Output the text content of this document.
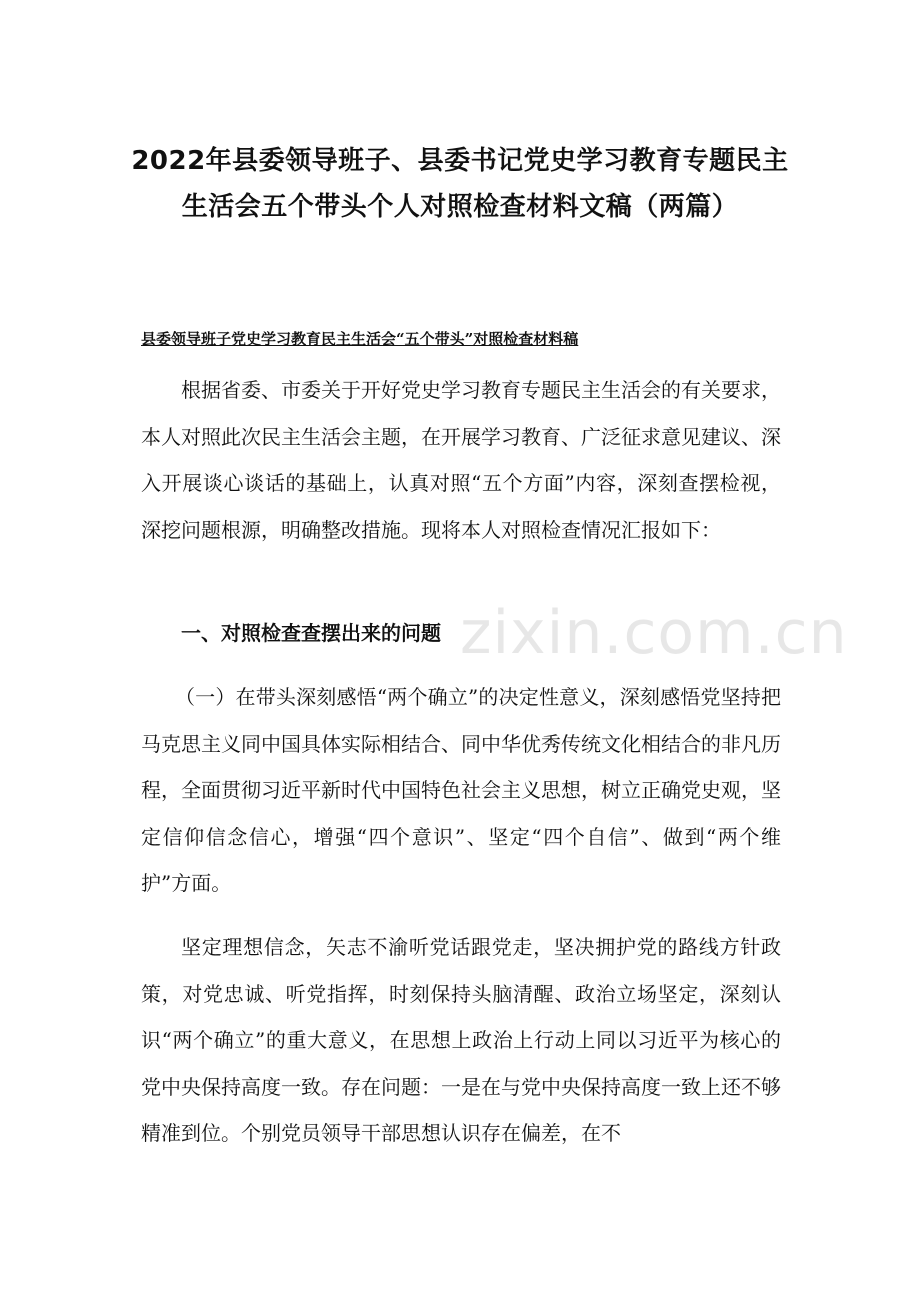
2022年县委领导班子、县委书记党史学习教育专题民主生活会五个带头个人对照检查材料文稿（两篇）

县委领导班子党史学习教育民主生活会“五个带头”对照检查材料稿

根据省委、市委关于开好党史学习教育专题民主生活会的有关要求，本人对照此次民主生活会主题，在开展学习教育、广泛征求意见建议、深入开展谈心谈话的基础上，认真对照“五个方面”内容，深刻查摆检视，深挖问题根源，明确整改措施。现将本人对照检查情况汇报如下：

zixin.com.cn
一、对照检查查摆出来的问题

（一）在带头深刻感悟“两个确立”的决定性意义，深刻感悟党坚持把马克思主义同中国具体实际相结合、同中华优秀传统文化相结合的非凡历程，全面贯彻习近平新时代中国特色社会主义思想，树立正确党史观，坚定信仰信念信心，增强“四个意识”、坚定“四个自信”、做到“两个维护”方面。

坚定理想信念，矢志不渝听党话跟党走，坚决拥护党的路线方针政策，对党忠诚、听党指挥，时刻保持头脑清醒、政治立场坚定，深刻认识“两个确立”的重大意义，在思想上政治上行动上同以习近平为核心的党中央保持高度一致。存在问题：一是在与党中央保持高度一致上还不够精准到位。个别党员领导干部思想认识存在偏差，在不
